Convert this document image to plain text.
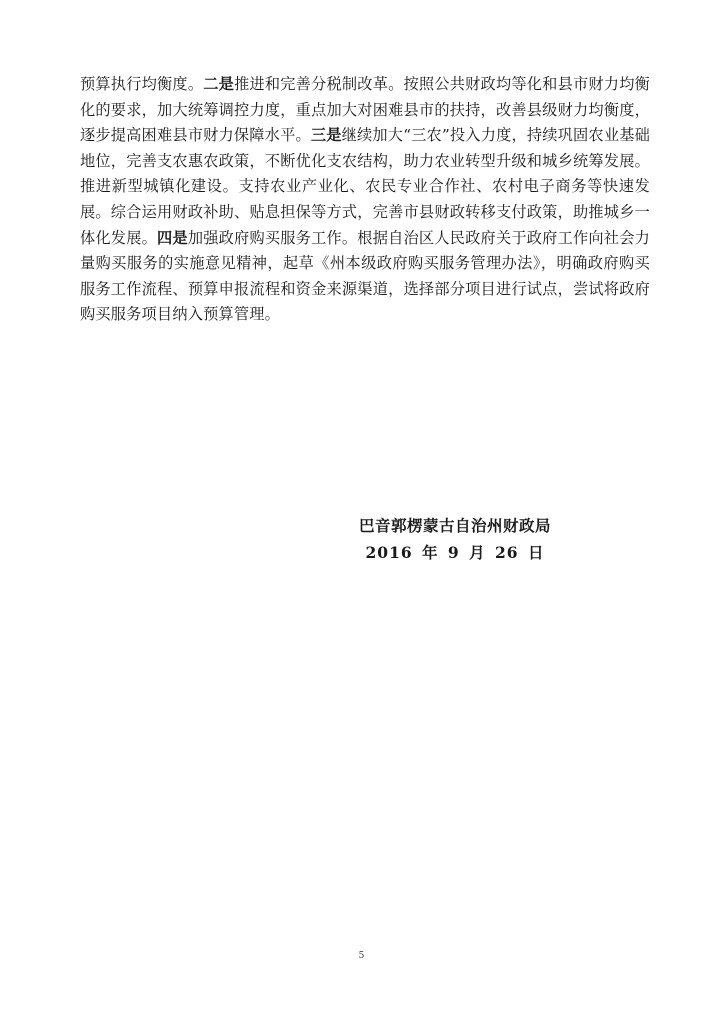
预算执行均衡度。二是推进和完善分税制改革。按照公共财政均等化和县市财力均衡化的要求，加大统筹调控力度，重点加大对困难县市的扶持，改善县级财力均衡度，逐步提高困难县市财力保障水平。三是继续加大“三农”投入力度，持续巩固农业基础地位，完善支农惠农政策，不断优化支农结构，助力农业转型升级和城乡统筹发展。推进新型城镇化建设。支持农业产业化、农民专业合作社、农村电子商务等快速发展。综合运用财政补助、贴息担保等方式，完善市县财政转移支付政策，助推城乡一体化发展。四是加强政府购买服务工作。根据自治区人民政府关于政府工作向社会力量购买服务的实施意见精神，起草《州本级政府购买服务管理办法》，明确政府购买服务工作流程、预算申报流程和资金来源渠道，选择部分项目进行试点，尝试将政府购买服务项目纳入预算管理。

巴音郭楞蒙古自治州财政局
2016 年 9 月 26 日
5
